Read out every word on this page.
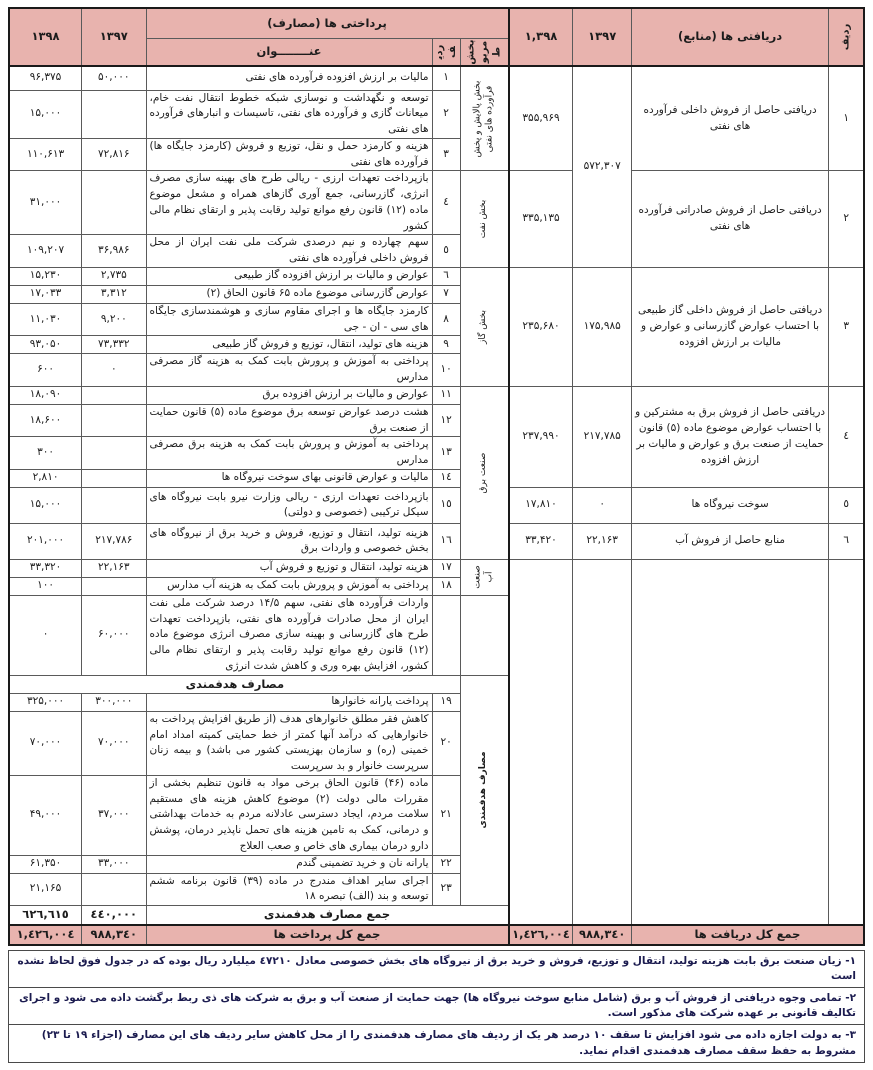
ردیف	دریافتی ها (منابع)	۱۳۹۷	۱,۳۹۸	پرداختی ها (مصارف)			۱۳۹۷	۱۳۹۸

				بخش مربوط	ردیف	عنــــــــوان		
١	دریافتی حاصل از فروش داخلی فرآورده های نفتی	۵۷۲,۳۰۷	۳۵۵,۹۶۹	بخش پالایش و پخش فرآورده های نفتی	١	مالیات بر ارزش افزوده فرآورده های نفتی	۵۰,۰۰۰	۹۶,۳۷۵
					٢	توسعه و نگهداشت و نوسازی شبکه خطوط انتقال نفت خام، میعانات گازی و فرآورده های نفتی، تاسیسات و انبارهای فرآورده های نفتی		۱۵,۰۰۰
					٣	هزینه و کارمزد حمل و نقل، توزیع و فروش (کارمزد جایگاه ها) فرآورده های نفتی	۷۲,۸۱۶	۱۱۰,۶۱۳
٢	دریافتی حاصل از فروش صادراتی فرآورده های نفتی		۳۳۵,۱۳۵	بخش نفت	٤	بازپرداخت تعهدات ارزی - ریالی طرح های بهینه سازی مصرف انرژی، گازرسانی، جمع آوری گازهای همراه و مشعل موضوع ماده (۱۲) قانون رفع موانع تولید رقابت پذیر و ارتقای نظام مالی کشور		۳۱,۰۰۰
					٥	سهم چهارده و نیم درصدی شرکت ملی نفت ایران از محل فروش داخلی فرآورده های نفتی	۳۶,۹۸۶	۱۰۹,۲۰۷
٣	دریافتی حاصل از فروش داخلی گاز طبیعی با احتساب عوارض گازرسانی و عوارض و مالیات بر ارزش افزوده	۱۷۵,۹۸۵	۲۳۵,۶۸۰	بخش گاز	٦	عوارض و مالیات بر ارزش افزوده گاز طبیعی	۲,۷۳۵	۱۵,۲۳۰
					٧	عوارض گازرسانی موضوع ماده ۶۵ قانون الحاق (۲)	۳,۳۱۲	۱۷,۰۳۳
					٨	کارمزد جایگاه ها و اجرای مقاوم سازی و هوشمندسازی جایگاه های سی - ان - جی	۹,۲۰۰	۱۱,۰۳۰
					٩	هزینه های تولید، انتقال، توزیع و فروش گاز طبیعی	۷۳,۳۳۲	۹۳,۰۵۰
					١٠	پرداختی به آموزش و پرورش بابت کمک به هزینه گاز مصرفی مدارس	۰	۶۰۰
٤	دریافتی حاصل از فروش برق به مشترکین و با احتساب عوارض موضوع ماده (۵) قانون حمایت از صنعت برق و عوارض و مالیات بر ارزش افزوده	۲۱۷,۷۸۵	۲۳۷,۹۹۰	صنعت برق	١١	عوارض و مالیات بر ارزش افزوده برق		۱۸,۰۹۰
					١٢	هشت درصد عوارض توسعه برق موضوع ماده (۵) قانون حمایت از صنعت برق		۱۸,۶۰۰
					١٣	پرداختی به آموزش و پرورش بابت کمک به هزینه برق مصرفی مدارس		۳۰۰
					١٤	مالیات و عوارض قانونی بهای سوخت نیروگاه ها		۲,۸۱۰
٥	سوخت نیروگاه ها	۰	۱۷,۸۱۰		١٥	بازپرداخت تعهدات ارزی - ریالی وزارت نیرو بابت نیروگاه های سیکل ترکیبی (خصوصی و دولتی)		۱۵,۰۰۰
٦	منابع حاصل از فروش آب	۲۲,۱۶۳	۳۳,۴۲۰		١٦	هزینه تولید، انتقال و توزیع، فروش و خرید برق از نیروگاه های بخش خصوصی و واردات برق	۲۱۷,۷۸۶	۲۰۱,۰۰۰

				صنعت آب	١٧	هزینه تولید، انتقال و توزیع و فروش آب	۲۲,۱۶۳	۳۳,۳۲۰
					١٨	پرداختی به آموزش و پرورش بابت کمک به هزینه آب مدارس		۱۰۰
						واردات فرآورده های نفتی، سهم ۱۴/۵ درصد شرکت ملی نفت ایران از محل صادرات فرآورده های نفتی، بازپرداخت تعهدات طرح های گازرسانی و بهینه سازی مصرف انرژی موضوع ماده (۱۲) قانون رفع موانع تولید رقابت پذیر و ارتقای نظام مالی کشور، افزایش بهره وری و کاهش شدت انرژی	۶۰,۰۰۰	۰

				مصارف هدفمندی	مصارف هدفمندی			
					١٩	پرداخت یارانه خانوارها	۳۰۰,۰۰۰	۳۲۵,۰۰۰
					٢٠	کاهش فقر مطلق خانوارهای هدف (از طریق افزایش پرداخت به خانوارهایی که درآمد آنها کمتر از خط حمایتی کمیته امداد امام خمینی (ره) و سازمان بهزیستی کشور می باشد) و بیمه زنان سرپرست خانوار و بد سرپرست	۷۰,۰۰۰	۷۰,۰۰۰
					٢١	ماده (۴۶) قانون الحاق برخی مواد به قانون تنظیم بخشی از مقررات مالی دولت (۲) موضوع کاهش هزینه های مستقیم سلامت مردم، ایجاد دسترسی عادلانه مردم به خدمات بهداشتی و درمانی، کمک به تامین هزینه های تحمل ناپذیر درمان، پوشش دارو درمان بیماری های خاص و صعب العلاج	۳۷,۰۰۰	۴۹,۰۰۰
					٢٢	یارانه نان و خرید تضمینی گندم	۳۳,۰۰۰	۶۱,۳۵۰
					٢٣	اجرای سایر اهداف مندرج در ماده (۳۹) قانون برنامه ششم توسعه و بند (الف) تبصره ۱۸		۲۱,۱۶۵
				جمع مصارف هدفمندی			٤٤٠,٠٠٠	٦٢٦,٦١٥
جمع کل دریافت ها		٩٨٨,٣٤٠	١,٤٢٦,٠٠٤	جمع کل پرداخت ها			٩٨٨,٣٤٠	١,٤٢٦,٠٠٤
۱- زیان صنعت برق بابت هزینه تولید، انتقال و توزیع، فروش و خرید برق از نیروگاه های بخش خصوصی معادل ٤٧٢١٠ میلیارد ریال بوده که در جدول فوق لحاظ نشده است
۲- تمامی وجوه دریافتی از فروش آب و برق (شامل منابع سوخت نیروگاه ها) جهت حمایت از صنعت آب و برق به شرکت های ذی ربط برگشت داده می شود و اجرای تکالیف قانونی بر عهده شرکت های مذکور است.
۳- به دولت اجازه داده می شود افزایش تا سقف ۱۰ درصد هر یک از ردیف های مصارف هدفمندی را از محل کاهش سایر ردیف های این مصارف (اجزاء ۱۹ تا ۲۳) مشروط به حفظ سقف مصارف هدفمندی اقدام نماید.
